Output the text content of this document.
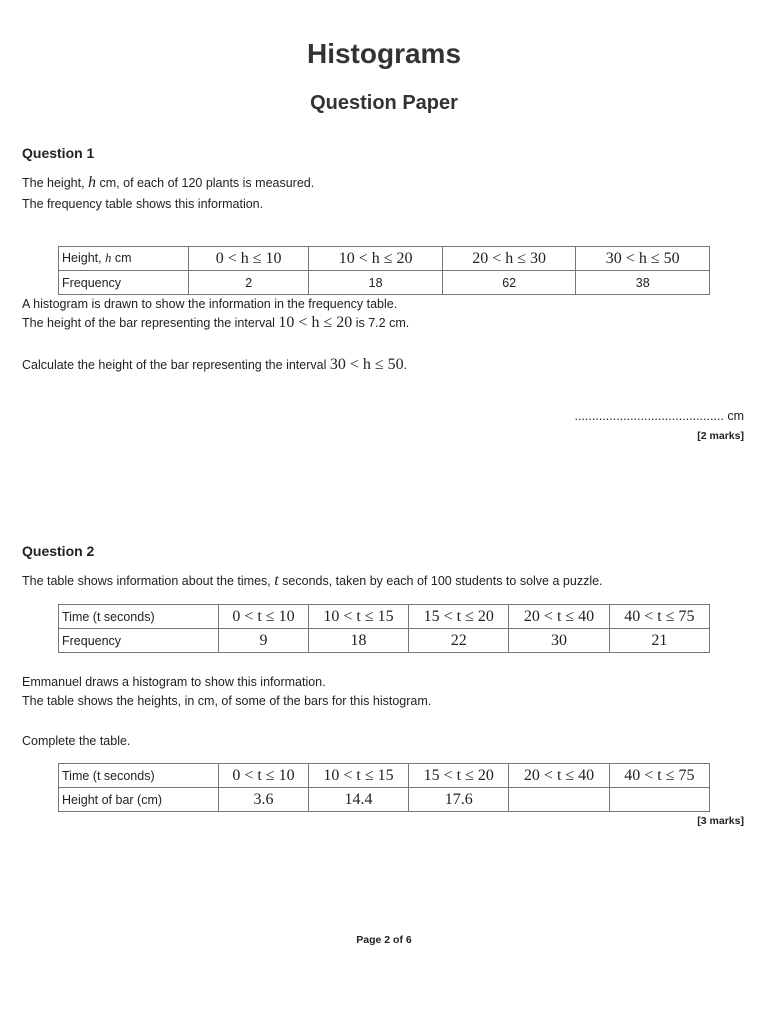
Histograms
Question Paper
Question 1
The height, h cm, of each of 120 plants is measured.
The frequency table shows this information.
Height, h cm	0 < h ≤ 10	10 < h ≤ 20	20 < h ≤ 30	30 < h ≤ 50
Frequency	2	18	62	38
A histogram is drawn to show the information in the frequency table.
The height of the bar representing the interval 10 < h ≤ 20 is 7.2 cm.
Calculate the height of the bar representing the interval 30 < h ≤ 50.
........................................... cm
[2 marks]
Question 2
The table shows information about the times, t seconds, taken by each of 100 students to solve a puzzle.
Time (t seconds)	0 < t ≤ 10	10 < t ≤ 15	15 < t ≤ 20	20 < t ≤ 40	40 < t ≤ 75
Frequency	9	18	22	30	21
Emmanuel draws a histogram to show this information.
The table shows the heights, in cm, of some of the bars for this histogram.
Complete the table.
Time (t seconds)	0 < t ≤ 10	10 < t ≤ 15	15 < t ≤ 20	20 < t ≤ 40	40 < t ≤ 75
Height of bar (cm)	3.6	14.4	17.6		
[3 marks]
Page 2 of 6
